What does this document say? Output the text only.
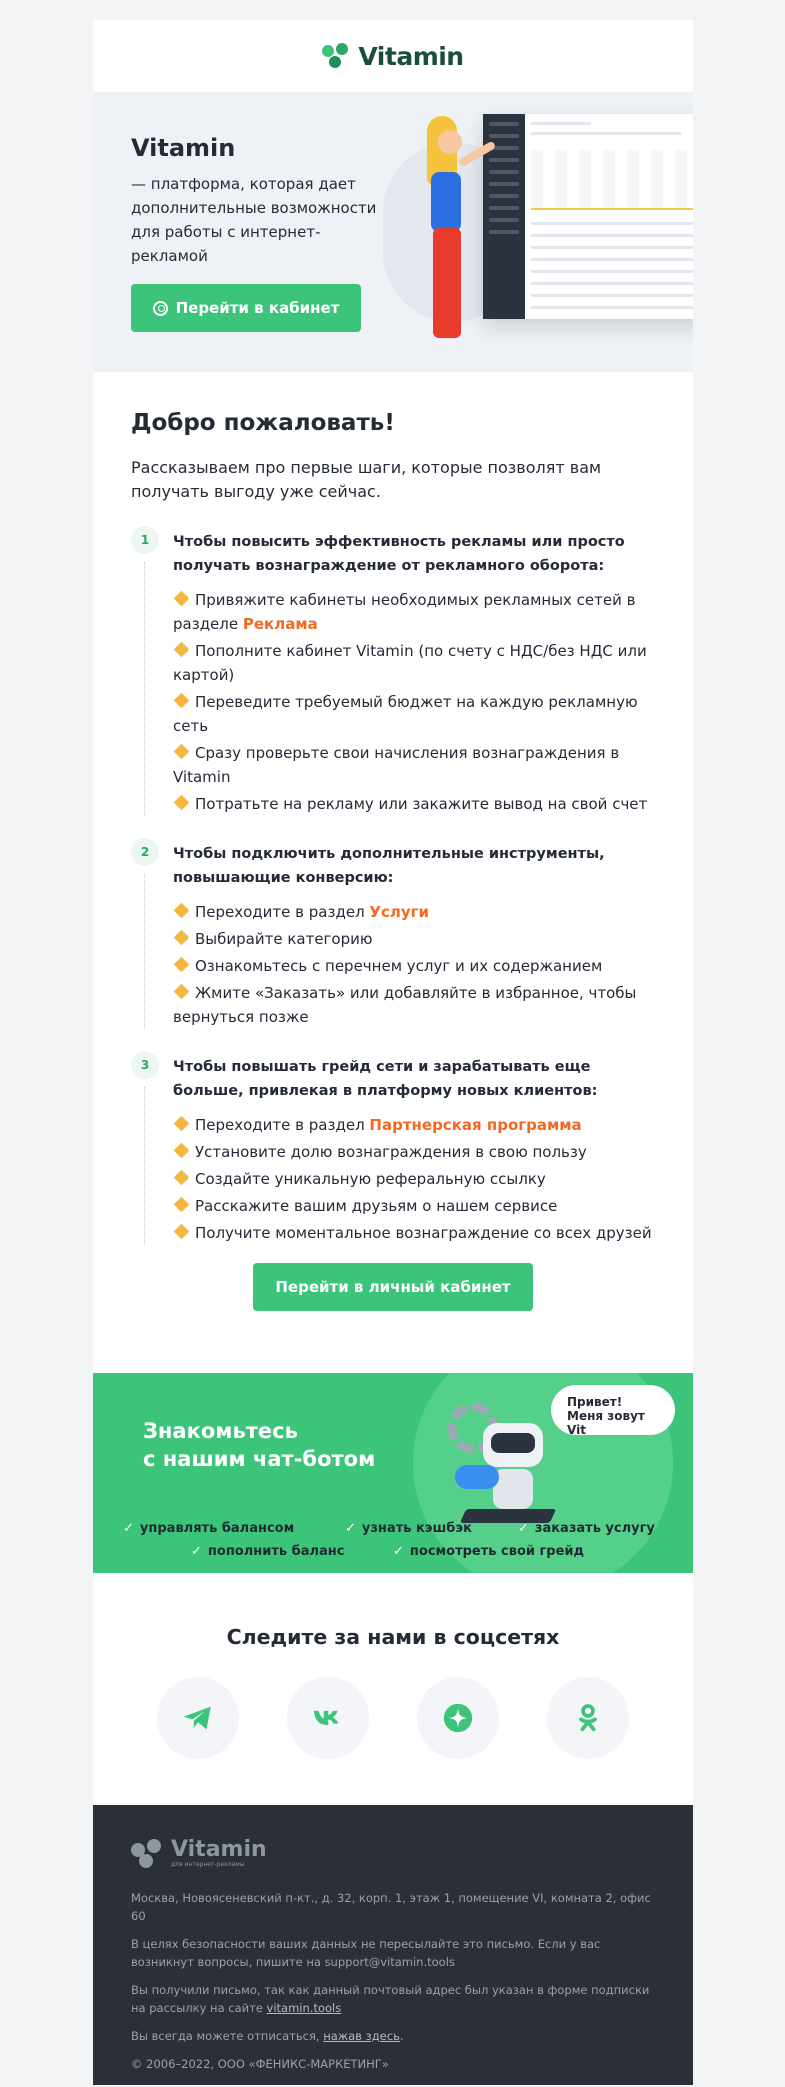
Vitamin
Vitamin
— платформа, которая дает дополнительные возможности для работы с интернет-рекламой
Перейти в кабинет
Добро пожаловать!

Рассказываем про первые шаги, которые позволят вам получать выгоду уже сейчас.

1	Чтобы повысить эффективность рекламы или просто получать вознаграждение от рекламного оборота:
Привяжите кабинеты необходимых рекламных сетей в разделе Реклама
Пополните кабинет Vitamin (по счету с НДС/без НДС или картой)
Переведите требуемый бюджет на каждую рекламную сеть
Сразу проверьте свои начисления вознаграждения в Vitamin
Потратьте на рекламу или закажите вывод на свой счет
2	Чтобы подключить дополнительные инструменты, повышающие конверсию:
Переходите в раздел Услуги
Выбирайте категорию
Ознакомьтесь с перечнем услуг и их содержанием
Жмите «Заказать» или добавляйте в избранное, чтобы вернуться позже
3	Чтобы повышать грейд сети и зарабатывать еще больше, привлекая в платформу новых клиентов:
Переходите в раздел Партнерская программа
Установите долю вознаграждения в свою пользу
Создайте уникальную реферальную ссылку
Расскажите вашим друзьям о нашем сервисе
Получите моментальное вознаграждение со всех друзей
Перейти в личный кабинет
Знакомьтесь
с нашим чат-ботом
Привет!
Меня зовут Vit
✓ управлять балансом	✓ узнать кэшбэк	✓ заказать услугу
✓ пополнить баланс	✓ посмотреть свой грейд
Следите за нами в соцсетях
Vitamin
для интернет-рекламы

Москва, Новоясеневский п-кт., д. 32, корп. 1, этаж 1, помещение VI, комната 2, офис 60

В целях безопасности ваших данных не пересылайте это письмо. Если у вас возникнут вопросы, пишите на support@vitamin.tools

Вы получили письмо, так как данный почтовый адрес был указан в форме подписки на рассылку на сайте vitamin.tools

Вы всегда можете отписаться, нажав здесь.

© 2006–2022, ООО «ФЕНИКС-МАРКЕТИНГ»
